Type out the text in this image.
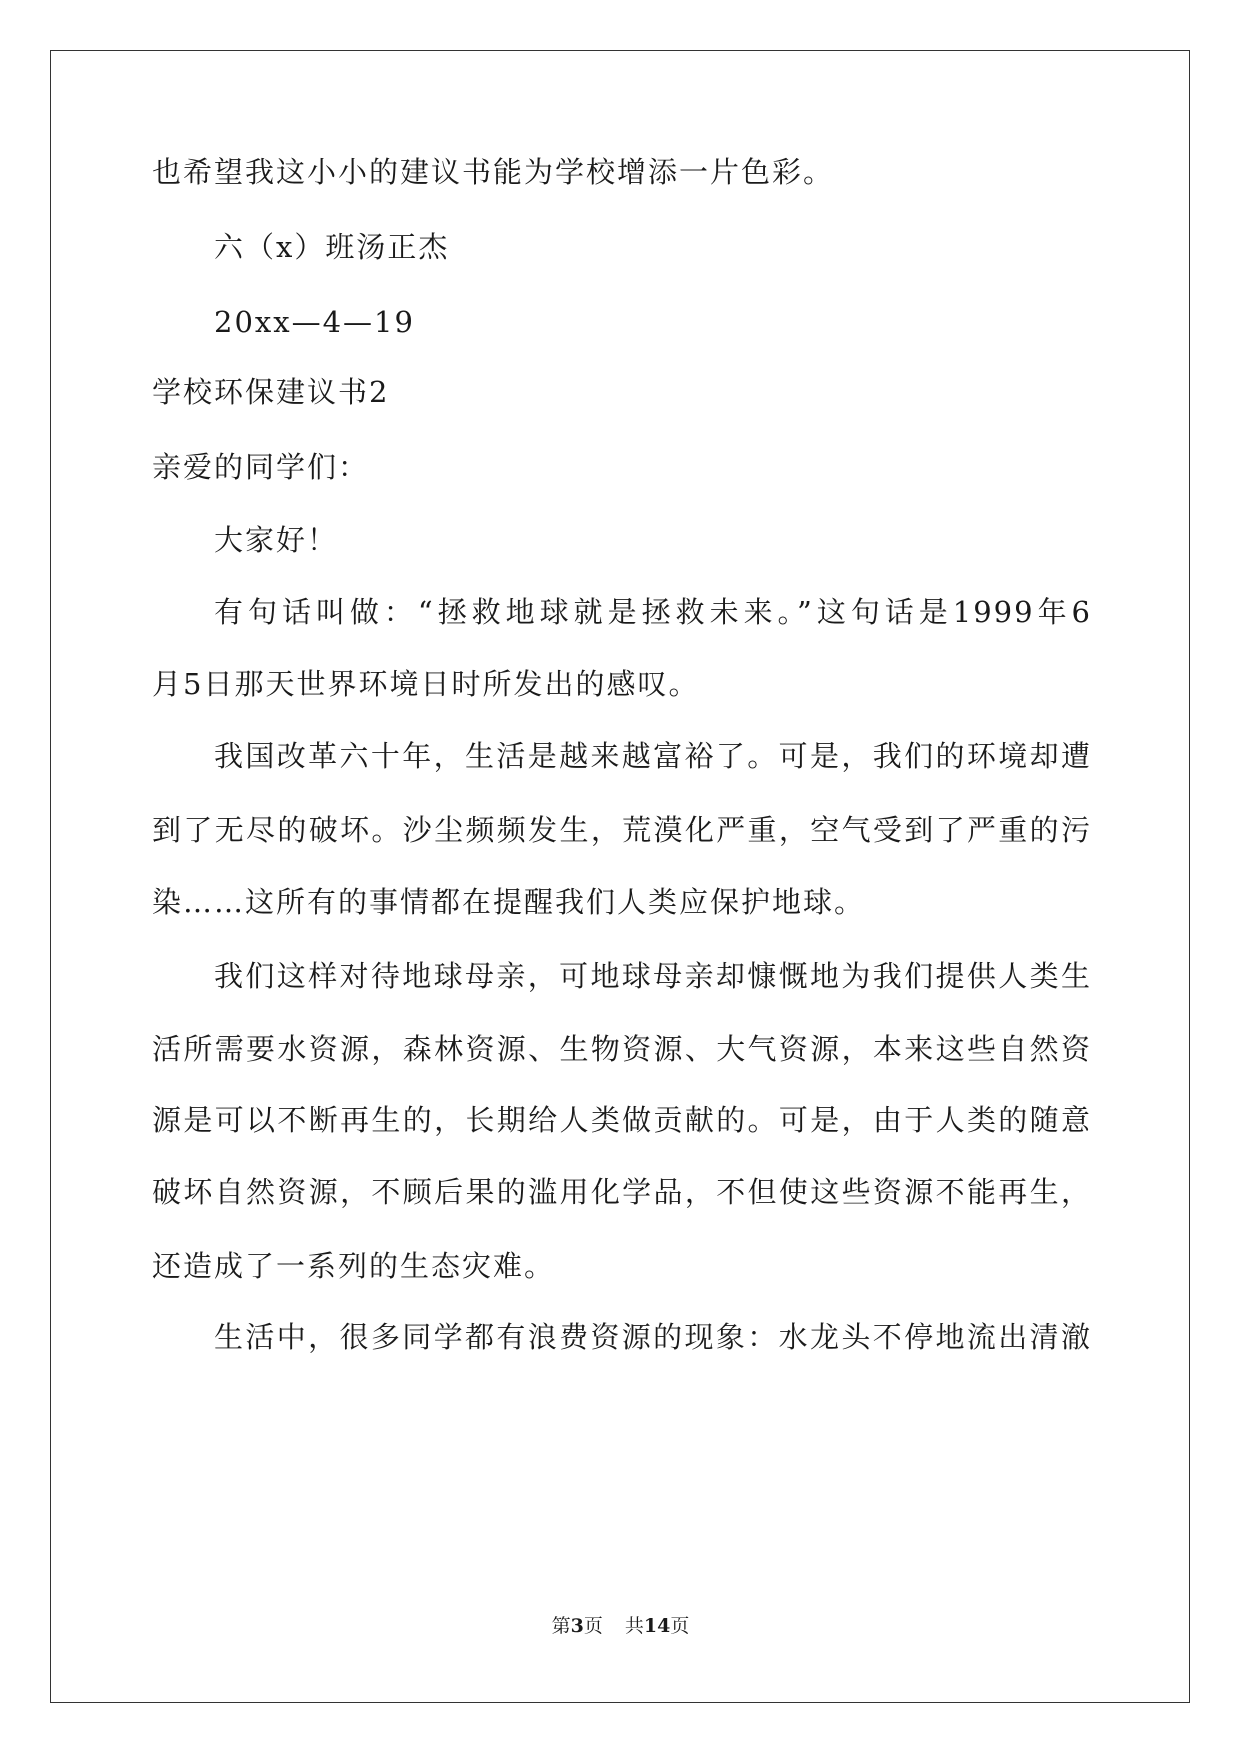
也希望我这小小的建议书能为学校增添一片色彩。
六（x）班汤正杰
20xx—4—19
学校环保建议书2
亲爱的同学们：
大家好！
有句话叫做：“拯救地球就是拯救未来。”这句话是1999年6
月5日那天世界环境日时所发出的感叹。
我国改革六十年，生活是越来越富裕了。可是，我们的环境却遭
到了无尽的破坏。沙尘频频发生，荒漠化严重，空气受到了严重的污
染……这所有的事情都在提醒我们人类应保护地球。
我们这样对待地球母亲，可地球母亲却慷慨地为我们提供人类生
活所需要水资源，森林资源、生物资源、大气资源，本来这些自然资
源是可以不断再生的，长期给人类做贡献的。可是，由于人类的随意
破坏自然资源，不顾后果的滥用化学品，不但使这些资源不能再生，
还造成了一系列的生态灾难。
生活中，很多同学都有浪费资源的现象：水龙头不停地流出清澈
第3页 共14页
